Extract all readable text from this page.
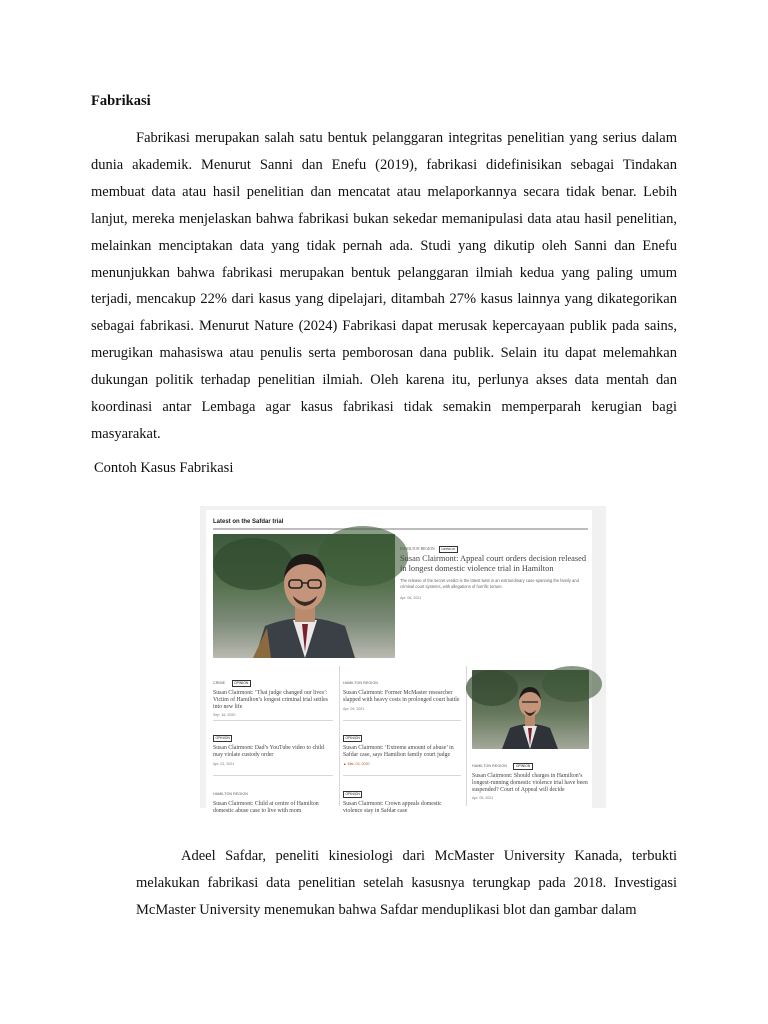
Fabrikasi

Fabrikasi merupakan salah satu bentuk pelanggaran integritas penelitian yang serius dalam dunia akademik. Menurut Sanni dan Enefu (2019), fabrikasi didefinisikan sebagai Tindakan membuat data atau hasil penelitian dan mencatat atau melaporkannya secara tidak benar. Lebih lanjut, mereka menjelaskan bahwa fabrikasi bukan sekedar memanipulasi data atau hasil penelitian, melainkan menciptakan data yang tidak pernah ada. Studi yang dikutip oleh Sanni dan Enefu menunjukkan bahwa fabrikasi merupakan bentuk pelanggaran ilmiah kedua yang paling umum terjadi, mencakup 22% dari kasus yang dipelajari, ditambah 27% kasus lainnya yang dikategorikan sebagai fabrikasi. Menurut Nature (2024) Fabrikasi dapat merusak kepercayaan publik pada sains, merugikan mahasiswa atau penulis serta pemborosan dana publik. Selain itu dapat melemahkan dukungan politik terhadap penelitian ilmiah. Oleh karena itu, perlunya akses data mentah dan koordinasi antar Lembaga agar kasus fabrikasi tidak semakin memperparah kerugian bagi masyarakat.

Contoh Kasus Fabrikasi
Latest on the Safdar trial
HAMILTON REGION OPINION
Susan Clairmont: Appeal court orders decision released in longest domestic violence trial in Hamilton
The release of the secret verdict is the latest twist in an extraordinary case spanning the family and criminal court systems, with allegations of horrific torture.
Apr. 06, 2021
CRIME	OPINION
Susan Clairmont: ‘That judge changed our lives’: Victim of Hamilton’s longest criminal trial settles into new life
Sep. 16, 2020
HAMILTON REGION
Susan Clairmont: Former McMaster researcher slapped with heavy costs in prolonged court battle
Apr. 09, 2021
OPINION
Susan Clairmont: Dad’s YouTube video to child may violate custody order
Apr. 01, 2021
OPINION
Susan Clairmont: ‘Extreme amount of abuse’ in Safdar case, says Hamilton family court judge
▲ Mar. 03, 2020
HAMILTON REGION
Susan Clairmont: Child at centre of Hamilton domestic abuse case to live with mom
OPINION
Susan Clairmont: Crown appeals domestic violence stay in Safdar case
HAMILTON REGION	OPINION
Susan Clairmont: Should charges in Hamilton’s longest-running domestic violence trial have been suspended? Court of Appeal will decide
Apr. 05, 2021

Adeel Safdar, peneliti kinesiologi dari McMaster University Kanada, terbukti melakukan fabrikasi data penelitian setelah kasusnya terungkap pada 2018. Investigasi McMaster University menemukan bahwa Safdar menduplikasi blot dan gambar dalam
